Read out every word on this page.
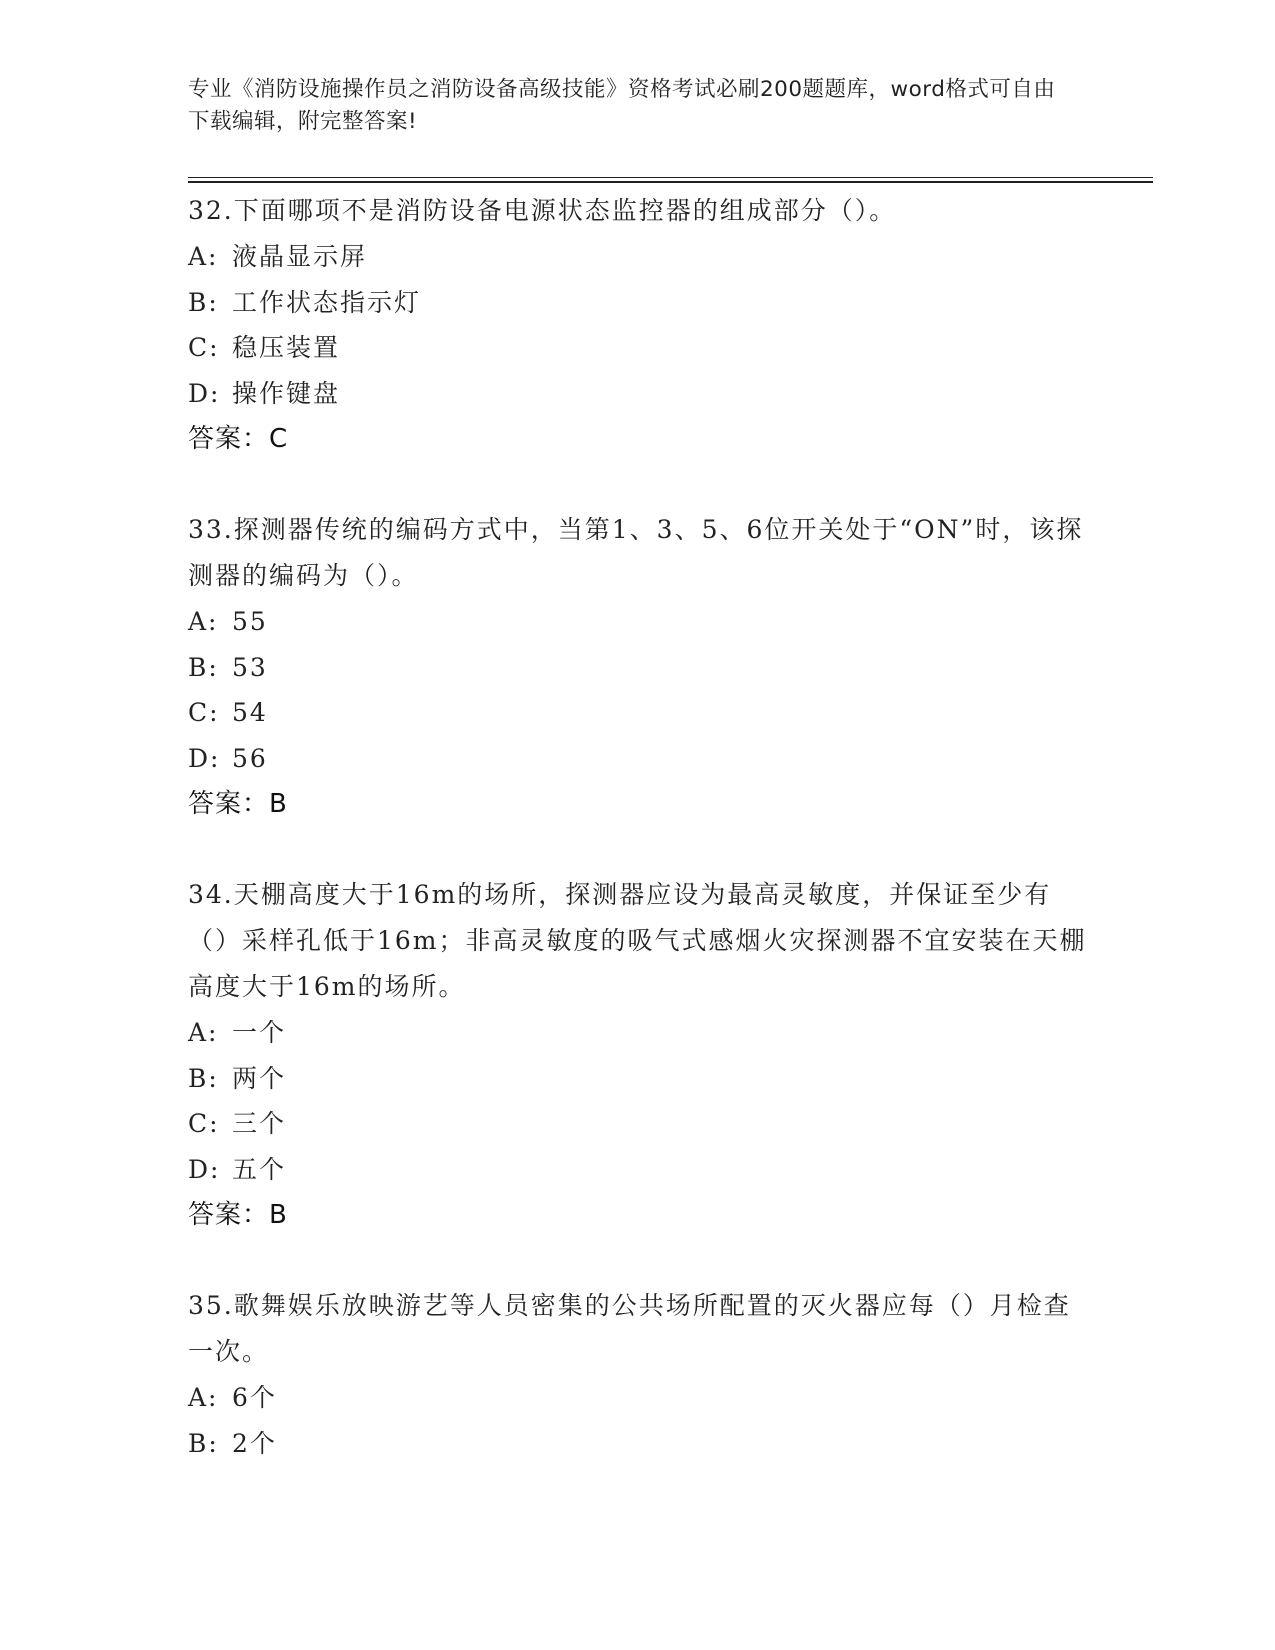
专业《消防设施操作员之消防设备高级技能》资格考试必刷200题题库，word格式可自由下载编辑，附完整答案!

32.下面哪项不是消防设备电源状态监控器的组成部分（）。

A: 液晶显示屏
B: 工作状态指示灯
C: 稳压装置
D: 操作键盘
答案：C

33.探测器传统的编码方式中，当第1、3、5、6位开关处于“ON”时，该探测器的编码为（）。

A: 55
B: 53
C: 54
D: 56
答案：B

34.天棚高度大于16m的场所，探测器应设为最高灵敏度，并保证至少有（）采样孔低于16m；非高灵敏度的吸气式感烟火灾探测器不宜安装在天棚高度大于16m的场所。

A: 一个
B: 两个
C: 三个
D: 五个
答案：B

35.歌舞娱乐放映游艺等人员密集的公共场所配置的灭火器应每（）月检查一次。

A: 6个
B: 2个
